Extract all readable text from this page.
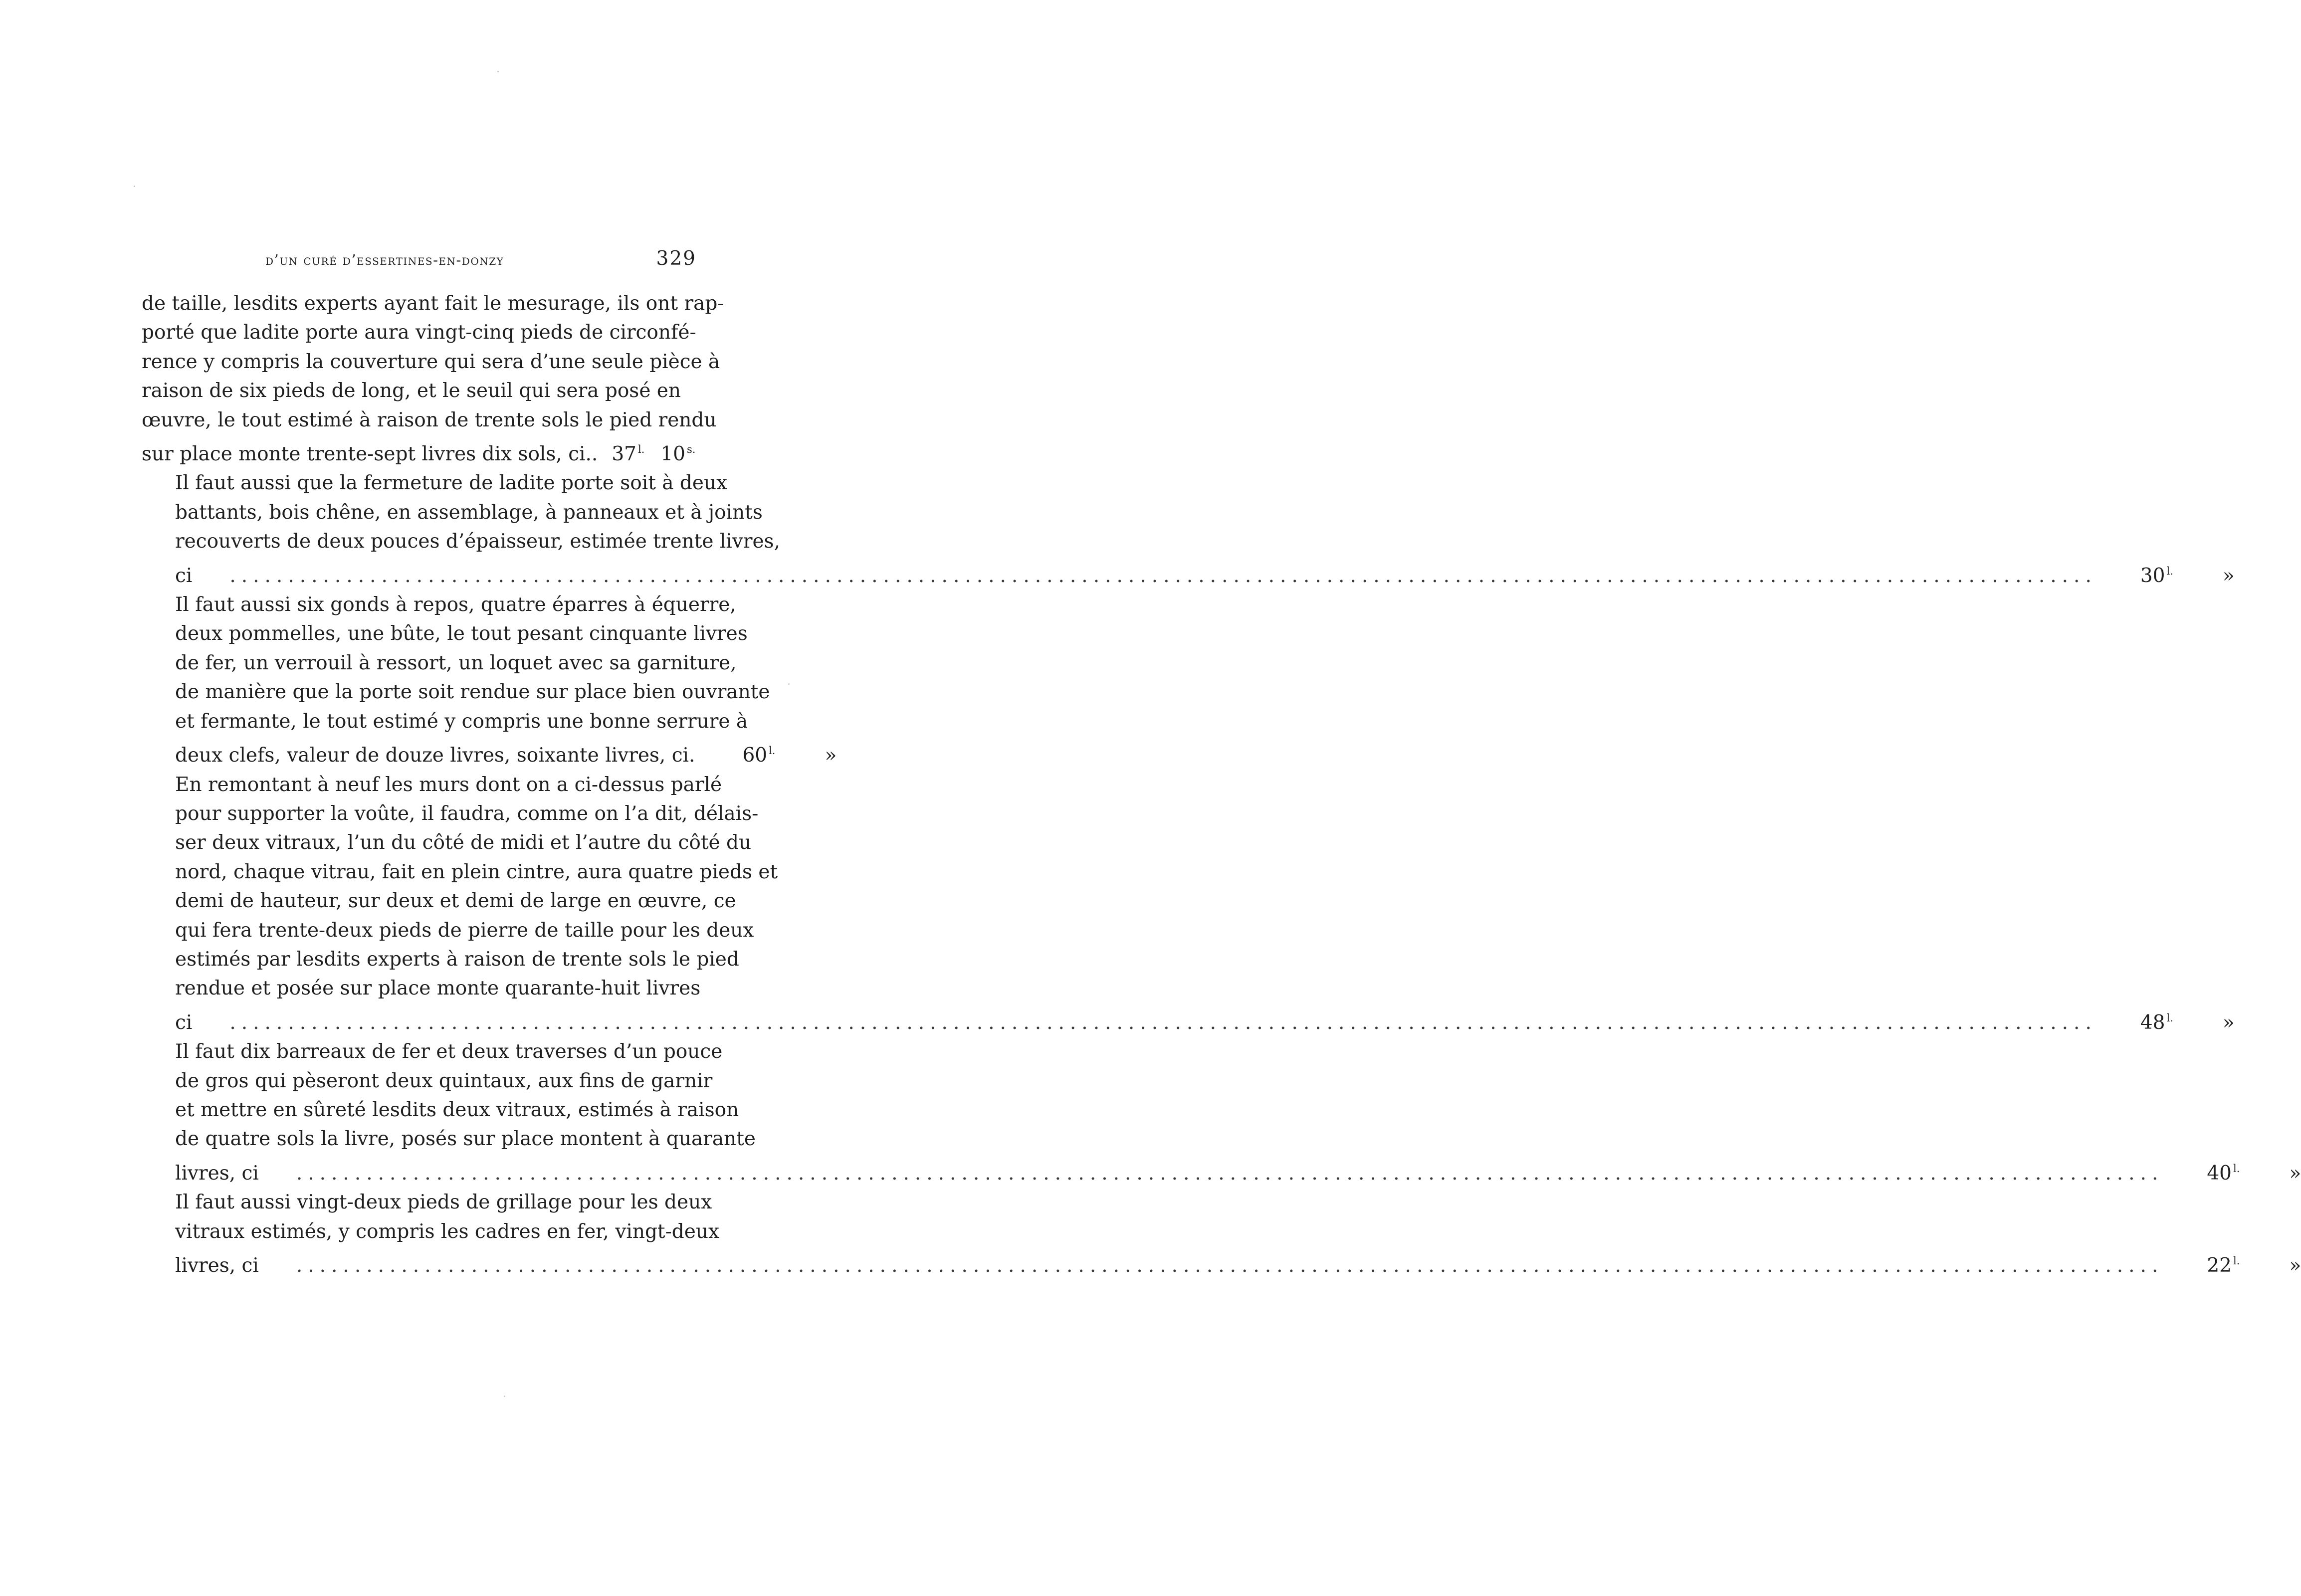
d’un curé d’essertines-en-donzy	329
de taille, lesdits experts ayant fait le mesurage, ils ont rap-
porté que ladite porte aura vingt-cinq pieds de circonfé-
rence y compris la couverture qui sera d’une seule pièce à
raison de six pieds de long, et le seuil qui sera posé en
œuvre, le tout estimé à raison de trente sols le pied rendu
sur place monte trente-sept livres dix sols, ci.. 37 $^{l.}$ 10 $^{s.}$
Il faut aussi que la fermeture de ladite porte soit à deux
battants, bois chêne, en assemblage, à panneaux et à joints
recouverts de deux pouces d’épaisseur, estimée trente livres,
ci	................................................................................................................................................................	30 $^{l.}$	»
Il faut aussi six gonds à repos, quatre éparres à équerre,
deux pommelles, une bûte, le tout pesant cinquante livres
de fer, un verrouil à ressort, un loquet avec sa garniture,
de manière que la porte soit rendue sur place bien ouvrante
et fermante, le tout estimé y compris une bonne serrure à
deux clefs, valeur de douze livres, soixante livres, ci.	60 $^{l.}$	»
En remontant à neuf les murs dont on a ci-dessus parlé
pour supporter la voûte, il faudra, comme on l’a dit, délais-
ser deux vitraux, l’un du côté de midi et l’autre du côté du
nord, chaque vitrau, fait en plein cintre, aura quatre pieds et
demi de hauteur, sur deux et demi de large en œuvre, ce
qui fera trente-deux pieds de pierre de taille pour les deux
estimés par lesdits experts à raison de trente sols le pied
rendue et posée sur place monte quarante-huit livres
ci	................................................................................................................................................................	48 $^{l.}$	»
Il faut dix barreaux de fer et deux traverses d’un pouce
de gros qui pèseront deux quintaux, aux fins de garnir
et mettre en sûreté lesdits deux vitraux, estimés à raison
de quatre sols la livre, posés sur place montent à quarante
livres, ci	................................................................................................................................................................	40 $^{l.}$	»
Il faut aussi vingt-deux pieds de grillage pour les deux
vitraux estimés, y compris les cadres en fer, vingt-deux
livres, ci	................................................................................................................................................................	22 $^{l.}$	»
